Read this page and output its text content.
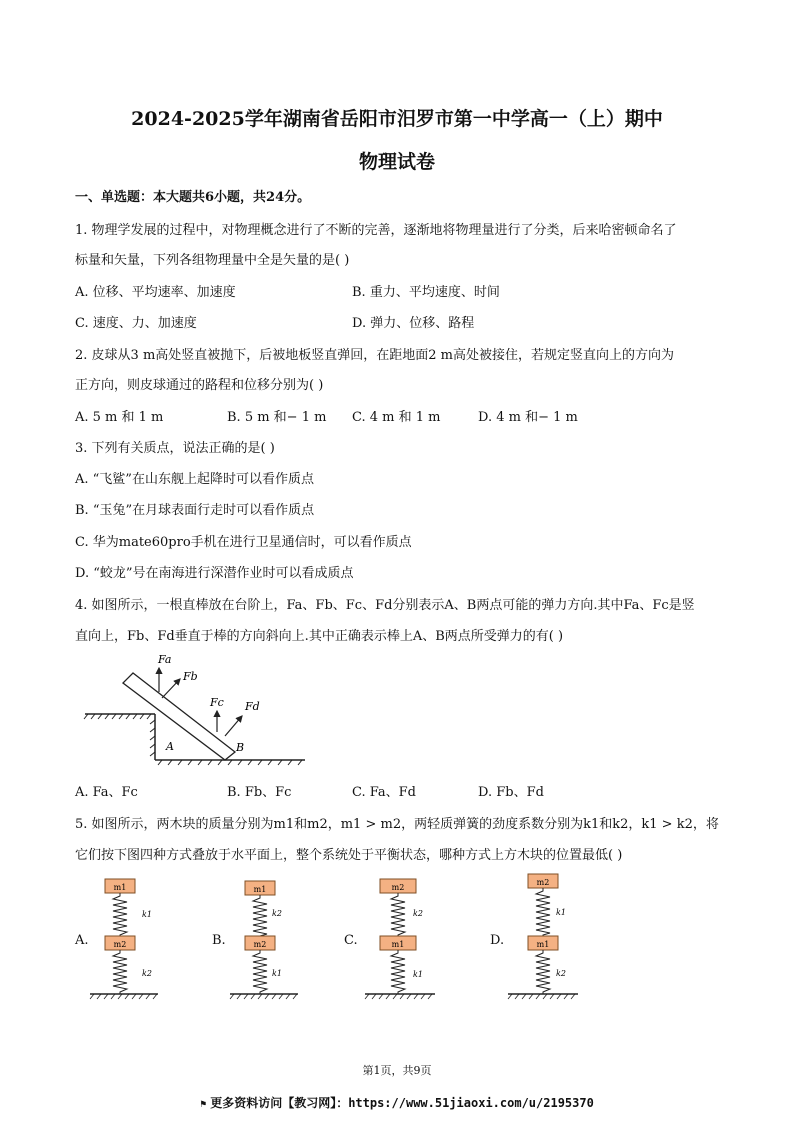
2024-2025学年湖南省岳阳市汨罗市第一中学高一（上）期中
物理试卷
一、单选题：本大题共6小题，共24分。
1. 物理学发展的过程中，对物理概念进行了不断的完善，逐渐地将物理量进行了分类，后来哈密顿命名了
标量和矢量，下列各组物理量中全是矢量的是( )
A. 位移、平均速率、加速度	B. 重力、平均速度、时间
C. 速度、力、加速度	D. 弹力、位移、路程
2. 皮球从3 m高处竖直被抛下，后被地板竖直弹回，在距地面2 m高处被接住，若规定竖直向上的方向为
正方向，则皮球通过的路程和位移分别为( )
A. 5 m 和 1 m	B. 5 m 和− 1 m C. 4 m 和 1 m	D. 4 m 和− 1 m
3. 下列有关质点，说法正确的是( )
A. “飞鲨”在山东舰上起降时可以看作质点
B. “玉兔”在月球表面行走时可以看作质点
C. 华为mate60pro手机在进行卫星通信时，可以看作质点
D. “蛟龙”号在南海进行深潜作业时可以看成质点
4. 如图所示，一根直棒放在台阶上，Fa、Fb、Fc、Fd分别表示A、B两点可能的弹力方向.其中Fa、Fc是竖
直向上，Fb、Fd垂直于棒的方向斜向上.其中正确表示棒上A、B两点所受弹力的有( )
Fa
Fb
Fc Fd
A	B
A. Fa、Fc	B. Fb、Fc	C. Fa、Fd	D. Fb、Fd
5. 如图所示，两木块的质量分别为m1和m2，m1 > m2，两轻质弹簧的劲度系数分别为k1和k2，k1 > k2，将
它们按下图四种方式叠放于水平面上，整个系统处于平衡状态，哪种方式上方木块的位置最低( )
A.
m1
k1
m2
k2
B.
m1
k2
m2
k1
C.
m2
k2
m1
k1
D.
m2
k1
m1
k2
第1页，共9页
⚑ 更多资料访问【教习网】：https://www.51jiaoxi.com/u/2195370
